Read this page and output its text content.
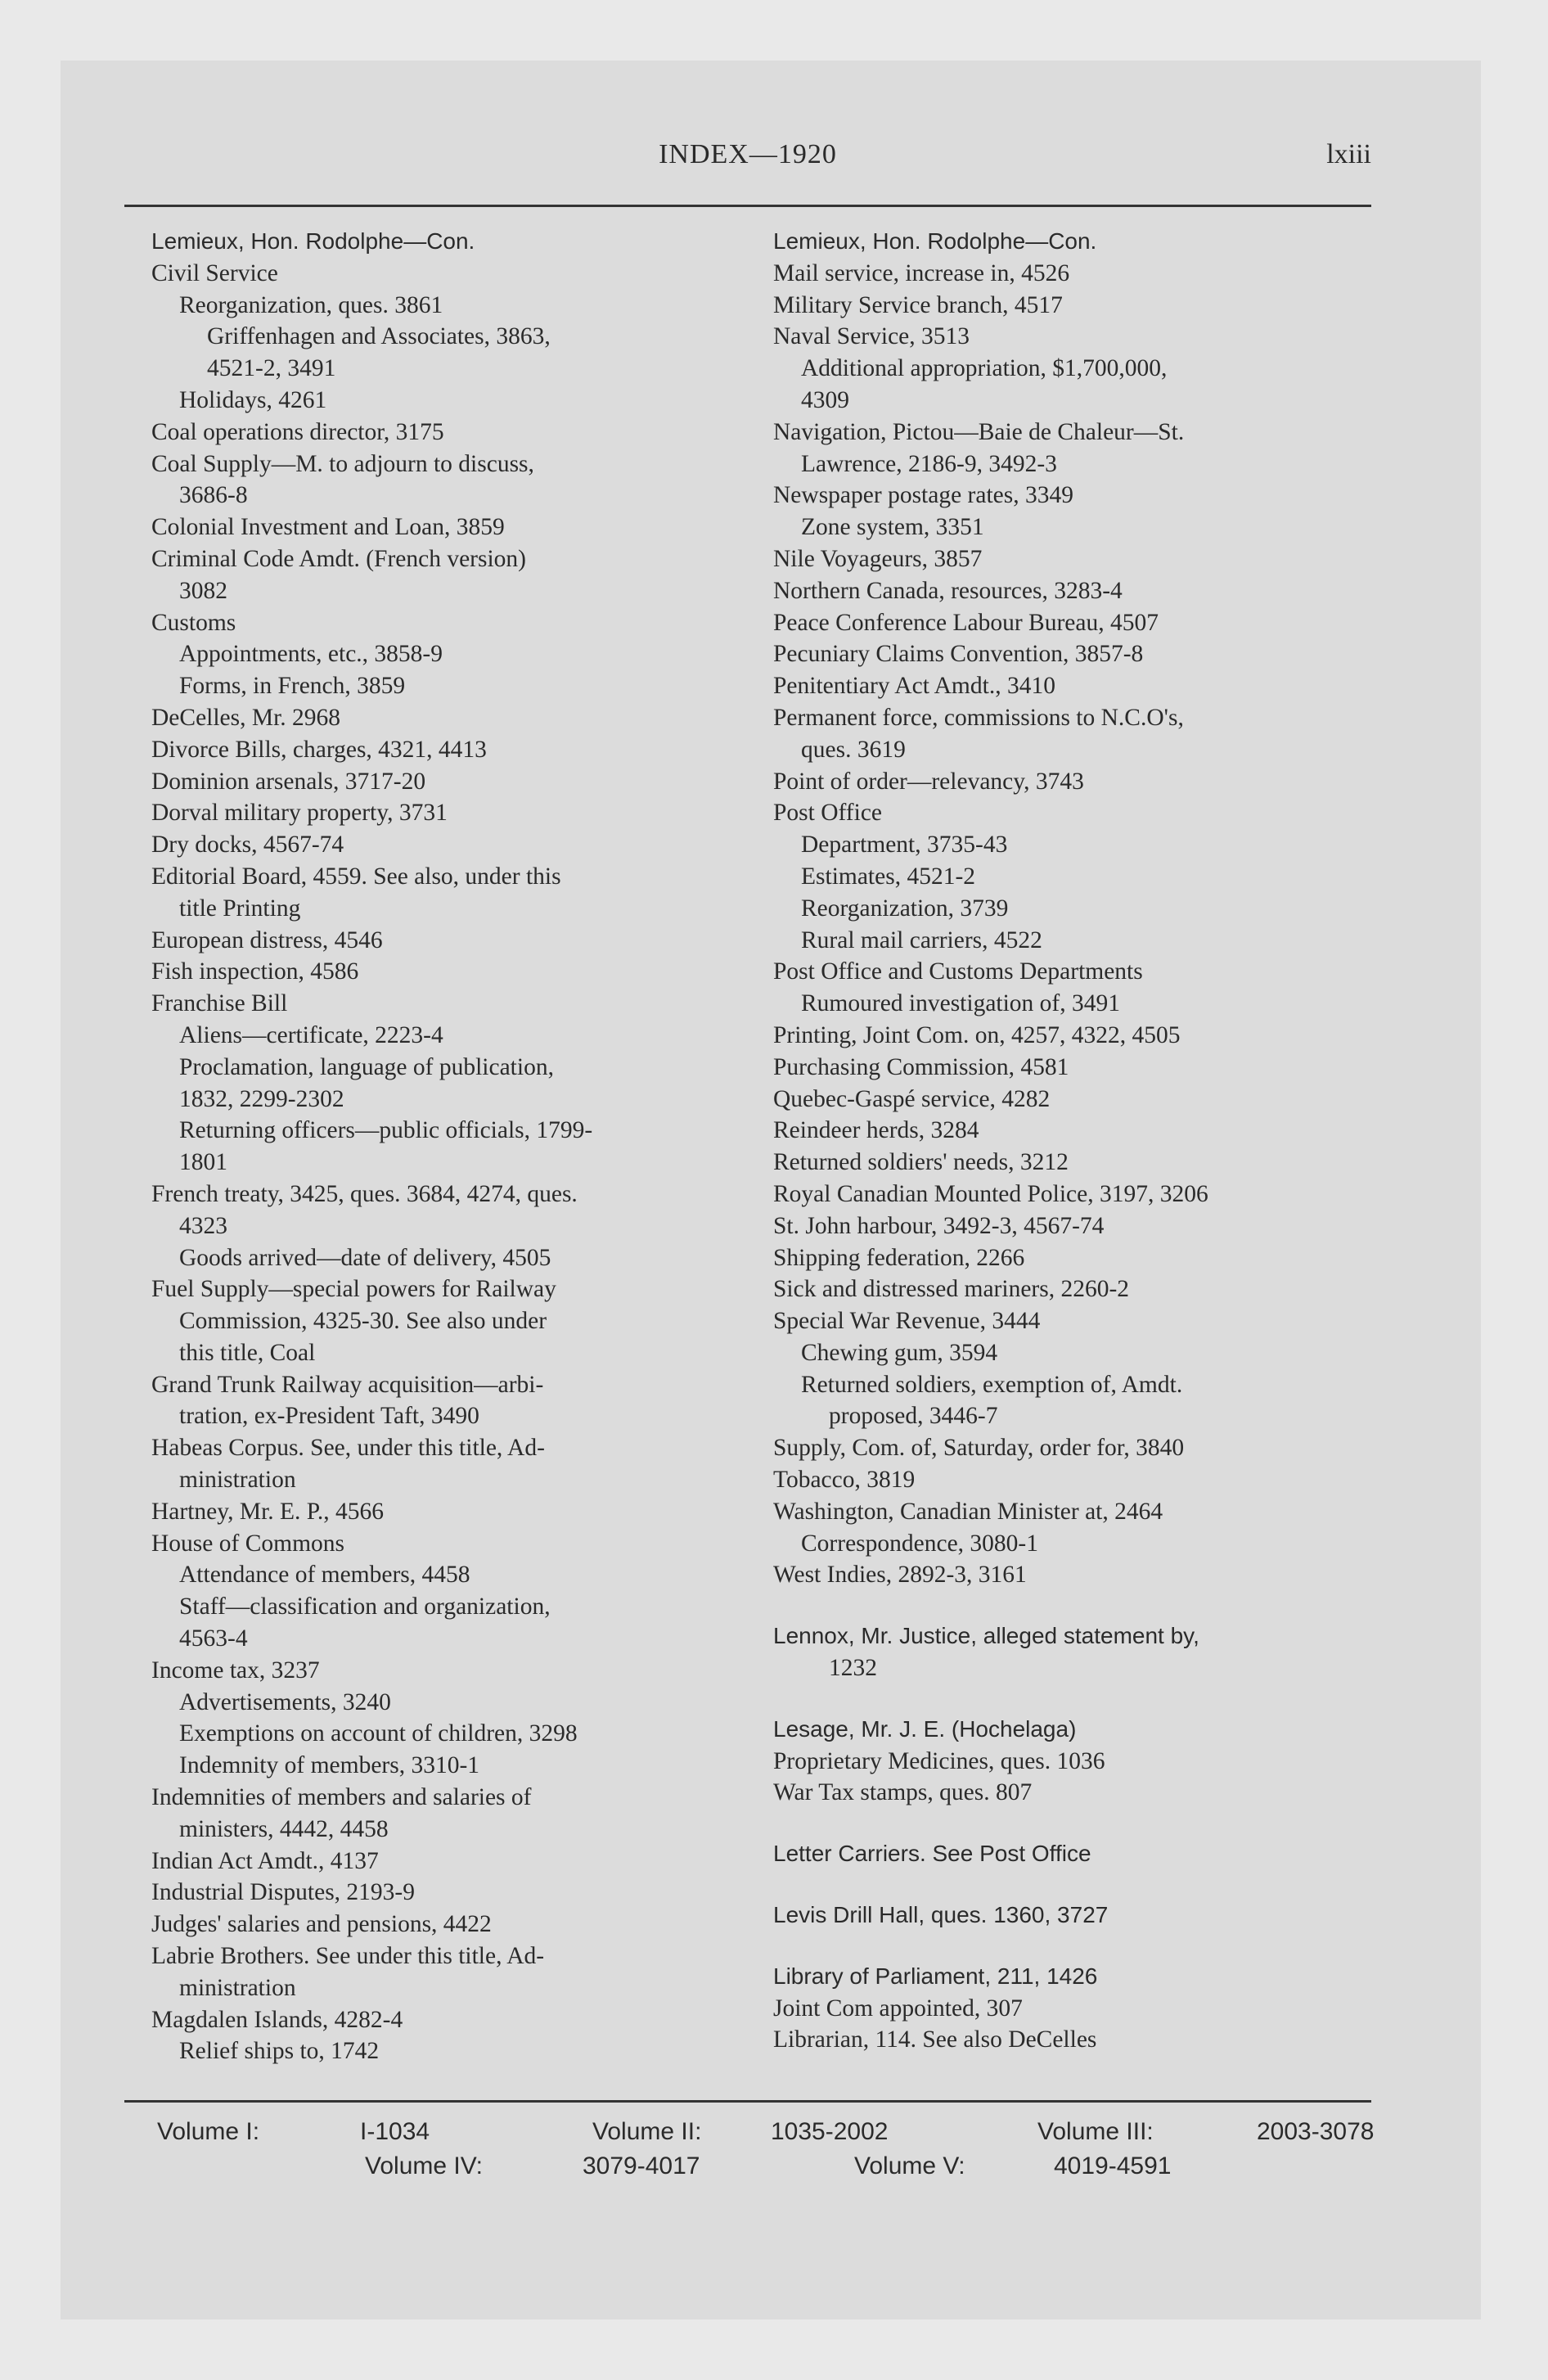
INDEX—1920	lxiii
Lemieux, Hon. Rodolphe—Con.
Civil Service
Reorganization, ques. 3861
Griffenhagen and Associates, 3863,
4521-2, 3491
Holidays, 4261
Coal operations director, 3175
Coal Supply—M. to adjourn to discuss,
3686-8
Colonial Investment and Loan, 3859
Criminal Code Amdt. (French version)
3082
Customs
Appointments, etc., 3858-9
Forms, in French, 3859
DeCelles, Mr. 2968
Divorce Bills, charges, 4321, 4413
Dominion arsenals, 3717-20
Dorval military property, 3731
Dry docks, 4567-74
Editorial Board, 4559. See also, under this
title Printing
European distress, 4546
Fish inspection, 4586
Franchise Bill
Aliens—certificate, 2223-4
Proclamation, language of publication,
1832, 2299-2302
Returning officers—public officials, 1799-
1801
French treaty, 3425, ques. 3684, 4274, ques.
4323
Goods arrived—date of delivery, 4505
Fuel Supply—special powers for Railway
Commission, 4325-30. See also under
this title, Coal
Grand Trunk Railway acquisition—arbi-
tration, ex-President Taft, 3490
Habeas Corpus. See, under this title, Ad-
ministration
Hartney, Mr. E. P., 4566
House of Commons
Attendance of members, 4458
Staff—classification and organization,
4563-4
Income tax, 3237
Advertisements, 3240
Exemptions on account of children, 3298
Indemnity of members, 3310-1
Indemnities of members and salaries of
ministers, 4442, 4458
Indian Act Amdt., 4137
Industrial Disputes, 2193-9
Judges' salaries and pensions, 4422
Labrie Brothers. See under this title, Ad-
ministration
Magdalen Islands, 4282-4
Relief ships to, 1742
Lemieux, Hon. Rodolphe—Con.
Mail service, increase in, 4526
Military Service branch, 4517
Naval Service, 3513
Additional appropriation, $1,700,000,
4309
Navigation, Pictou—Baie de Chaleur—St.
Lawrence, 2186-9, 3492-3
Newspaper postage rates, 3349
Zone system, 3351
Nile Voyageurs, 3857
Northern Canada, resources, 3283-4
Peace Conference Labour Bureau, 4507
Pecuniary Claims Convention, 3857-8
Penitentiary Act Amdt., 3410
Permanent force, commissions to N.C.O's,
ques. 3619
Point of order—relevancy, 3743
Post Office
Department, 3735-43
Estimates, 4521-2
Reorganization, 3739
Rural mail carriers, 4522
Post Office and Customs Departments
Rumoured investigation of, 3491
Printing, Joint Com. on, 4257, 4322, 4505
Purchasing Commission, 4581
Quebec-Gaspé service, 4282
Reindeer herds, 3284
Returned soldiers' needs, 3212
Royal Canadian Mounted Police, 3197, 3206
St. John harbour, 3492-3, 4567-74
Shipping federation, 2266
Sick and distressed mariners, 2260-2
Special War Revenue, 3444
Chewing gum, 3594
Returned soldiers, exemption of, Amdt.
proposed, 3446-7
Supply, Com. of, Saturday, order for, 3840
Tobacco, 3819
Washington, Canadian Minister at, 2464
Correspondence, 3080-1
West Indies, 2892-3, 3161
Lennox, Mr. Justice, alleged statement by,
1232
Lesage, Mr. J. E. (Hochelaga)
Proprietary Medicines, ques. 1036
War Tax stamps, ques. 807
Letter Carriers. See Post Office
Levis Drill Hall, ques. 1360, 3727
Library of Parliament, 211, 1426
Joint Com appointed, 307
Librarian, 114. See also DeCelles
Volume I:	I-1034	Volume II:	1035-2002	Volume III:	2003-3078
Volume IV:	3079-4017	Volume V:	4019-4591
